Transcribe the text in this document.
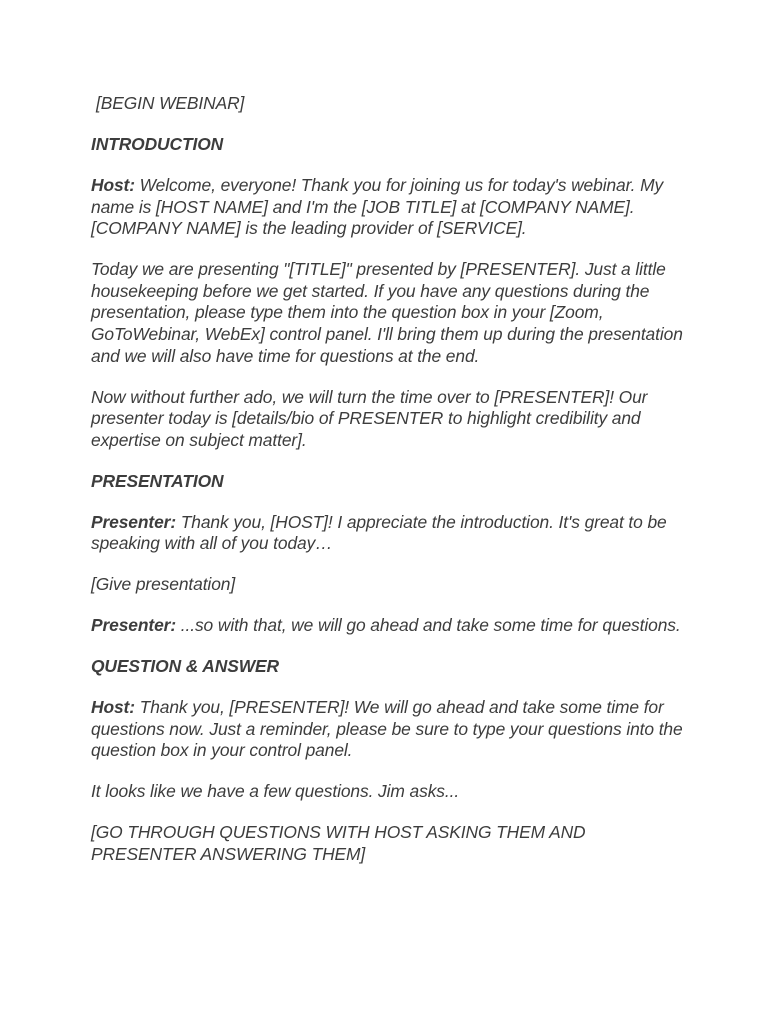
[BEGIN WEBINAR]

INTRODUCTION

Host: Welcome, everyone! Thank you for joining us for today's webinar. My name is [HOST NAME] and I'm the [JOB TITLE] at [COMPANY NAME]. [COMPANY NAME] is the leading provider of [SERVICE].

Today we are presenting "[TITLE]" presented by [PRESENTER]. Just a little housekeeping before we get started. If you have any questions during the presentation, please type them into the question box in your [Zoom, GoToWebinar, WebEx] control panel. I'll bring them up during the presentation and we will also have time for questions at the end.

Now without further ado, we will turn the time over to [PRESENTER]! Our presenter today is [details/bio of PRESENTER to highlight credibility and expertise on subject matter].

PRESENTATION

Presenter: Thank you, [HOST]! I appreciate the introduction. It's great to be speaking with all of you today…

[Give presentation]

Presenter: ...so with that, we will go ahead and take some time for questions.

QUESTION & ANSWER

Host: Thank you, [PRESENTER]! We will go ahead and take some time for questions now. Just a reminder, please be sure to type your questions into the question box in your control panel.

It looks like we have a few questions. Jim asks...

[GO THROUGH QUESTIONS WITH HOST ASKING THEM AND PRESENTER ANSWERING THEM]
